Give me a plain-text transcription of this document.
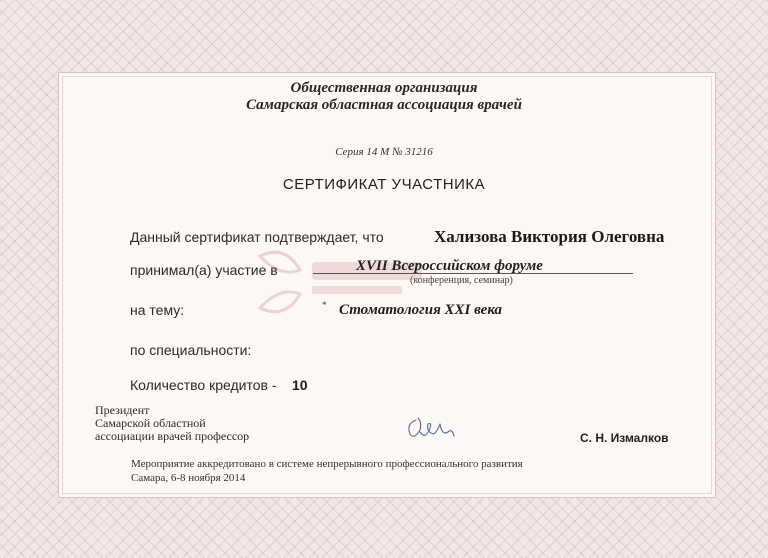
Общественная организация
Самарская областная ассоциация врачей
Серия 14 М № 31216
СЕРТИФИКАТ УЧАСТНИКА
Данный сертификат подтверждает, что	Хализова Виктория Олеговна
принимал(а) участие в	XVII Всероссийском форуме
(конференция, семинар)
на тему:	* Стоматология XXI века
по специальности:
Количество кредитов - 10
Президент
Самарской областной
ассоциации врачей профессор	С. Н. Измалков
Мероприятие аккредитовано в системе непрерывного профессионального развития
Самара, 6-8 ноября 2014
